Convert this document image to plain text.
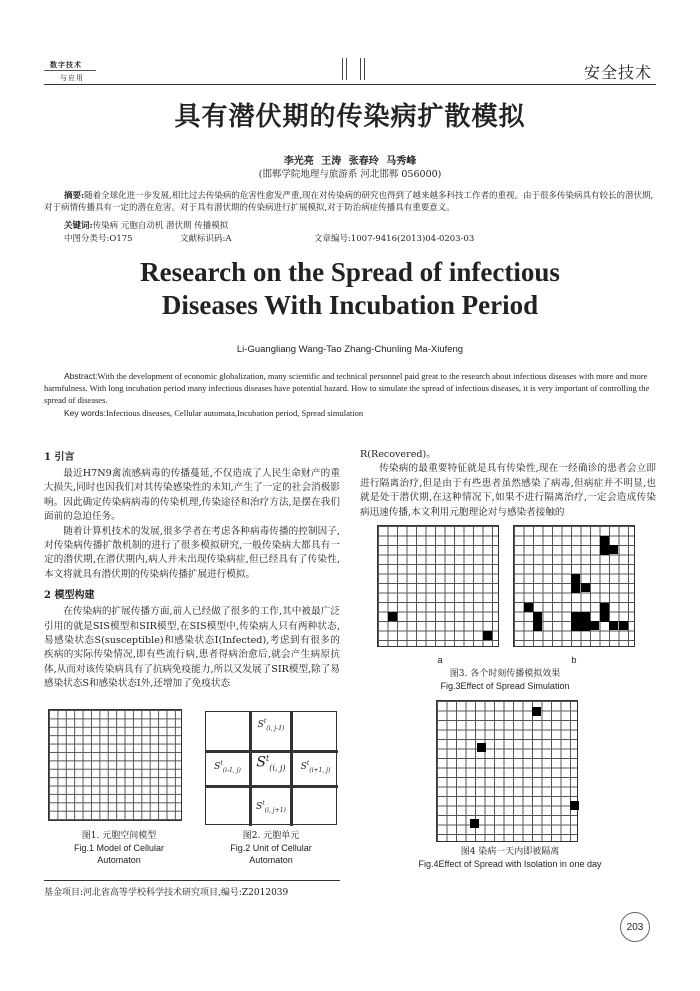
数字技术
与应用	安全技术
具有潜伏期的传染病扩散模拟
李光亮 王涛 张春玲 马秀峰
(邯郸学院地理与旅游系 河北邯郸 056000)
摘要:随着全球化进一步发展,相比过去传染病的危害性愈发严重,现在对传染病的研究也得到了越来越多科技工作者的重视。由于很多传染病具有较长的潜伏期,对于病情传播具有一定的潜在危害。对于具有潜伏期的传染病进行扩展模拟,对于防治病症传播具有重要意义。
关键词:传染病 元胞自动机 潜伏期 传播模拟
中图分类号:O175	文献标识码:A	文章编号:1007-9416(2013)04-0203-03
Research on the Spread of infectious
Diseases With Incubation Period
Li-Guangliang Wang-Tao Zhang-Chunling Ma-Xiufeng
Abstract:With the development of economic globalization, many scientific and technical personnel paid great to the research about infectious diseases with more and more harmfulness. With long incubation period many infectious diseases have potential hazard. How to simulate the spread of infectious diseases, it is very important of controlling the spread of diseases.
Key words:Infectious diseases, Cellular automata,Incubation period, Spread simulation
1 引言

最近H7N9禽流感病毒的传播蔓延,不仅造成了人民生命财产的重大损失,同时也因我们对其传染感染性的未知,产生了一定的社会消极影响。因此确定传染病病毒的传染机理,传染途径和治疗方法,是摆在我们面前的急迫任务。

随着计算机技术的发展,很多学者在考虑各种病毒传播的控制因子,对传染病传播扩散机制的进行了很多模拟研究,一般传染病大都具有一定的潜伏期,在潜伏期内,病人并未出现传染病症,但已经具有了传染性,本文将就具有潜伏期的传染病传播扩展进行模拟。

2 模型构建

在传染病的扩展传播方面,前人已经做了很多的工作,其中被最广泛引用的就是SIS模型和SIR模型,在SIS模型中,传染病人只有两种状态,易感染状态S(susceptible)和感染状态I(Infected),考虑到有很多的疾病的实际传染情况,即有些流行病,患者得病治愈后,就会产生病原抗体,从而对该传染病具有了抗病免疫能力,所以又发展了SIR模型,除了易感染状态S和感染状态I外,还增加了免疫状态

图1. 元胞空间模型
Fig.1 Model of Cellular
Automaton
$S^t_{(i, j-1)}$
$S^t_{(i-1, j)}$	$S^t_{(i, j)}$	$S^t_{(i+1, j)}$
$S^t_{(i, j+1)}$
图2. 元胞单元
Fig.2 Unit of Cellular
Automaton

R(Recovered)。

传染病的最重要特征就是具有传染性,现在一经确诊的患者会立即进行隔离治疗,但是由于有些患者虽然感染了病毒,但病症并不明显,也就是处于潜伏期,在这种情况下,如果不进行隔离治疗,一定会造成传染病迅速传播,本文利用元胞理论对与感染者接触的

a	b
图3. 各个时刻传播模拟效果
Fig.3Effect of Spread Simulation
图4 染病一天内即被隔离
Fig.4Effect of Spread with Isolation in one day
基金项目:河北省高等学校科学技术研究项目,编号:Z2012039
203
